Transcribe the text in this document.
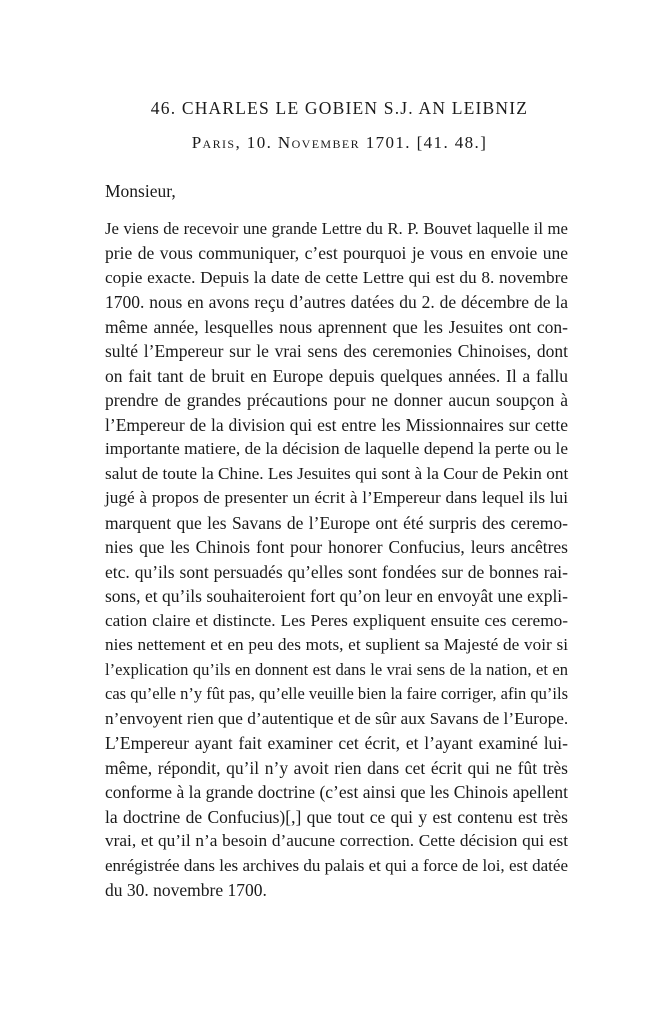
46. CHARLES LE GOBIEN S.J. AN LEIBNIZ
Paris, 10. November 1701. [41. 48.]
Monsieur,
Je viens de recevoir une grande Lettre du R. P. Bouvet laquelle il me
prie de vous communiquer, c’est pourquoi je vous en envoie une
copie exacte. Depuis la date de cette Lettre qui est du 8. novembre
1700. nous en avons reçu d’autres datées du 2. de décembre de la
même année, lesquelles nous aprennent que les Jesuites ont con-
sulté l’Empereur sur le vrai sens des ceremonies Chinoises, dont
on fait tant de bruit en Europe depuis quelques années. Il a fallu
prendre de grandes précautions pour ne donner aucun soupçon à
l’Empereur de la division qui est entre les Missionnaires sur cette
importante matiere, de la décision de laquelle depend la perte ou le
salut de toute la Chine. Les Jesuites qui sont à la Cour de Pekin ont
jugé à propos de presenter un écrit à l’Empereur dans lequel ils lui
marquent que les Savans de l’Europe ont été surpris des ceremo-
nies que les Chinois font pour honorer Confucius, leurs ancêtres
etc. qu’ils sont persuadés qu’elles sont fondées sur de bonnes rai-
sons, et qu’ils souhaiteroient fort qu’on leur en envoyât une expli-
cation claire et distincte. Les Peres expliquent ensuite ces ceremo-
nies nettement et en peu des mots, et suplient sa Majesté de voir si
l’explication qu’ils en donnent est dans le vrai sens de la nation, et en
cas qu’elle n’y fût pas, qu’elle veuille bien la faire corriger, afin qu’ils
n’envoyent rien que d’autentique et de sûr aux Savans de l’Europe.
L’Empereur ayant fait examiner cet écrit, et l’ayant examiné lui-
même, répondit, qu’il n’y avoit rien dans cet écrit qui ne fût très
conforme à la grande doctrine (c’est ainsi que les Chinois apellent
la doctrine de Confucius)[,] que tout ce qui y est contenu est très
vrai, et qu’il n’a besoin d’aucune correction. Cette décision qui est
enrégistrée dans les archives du palais et qui a force de loi, est datée
du 30. novembre 1700.
